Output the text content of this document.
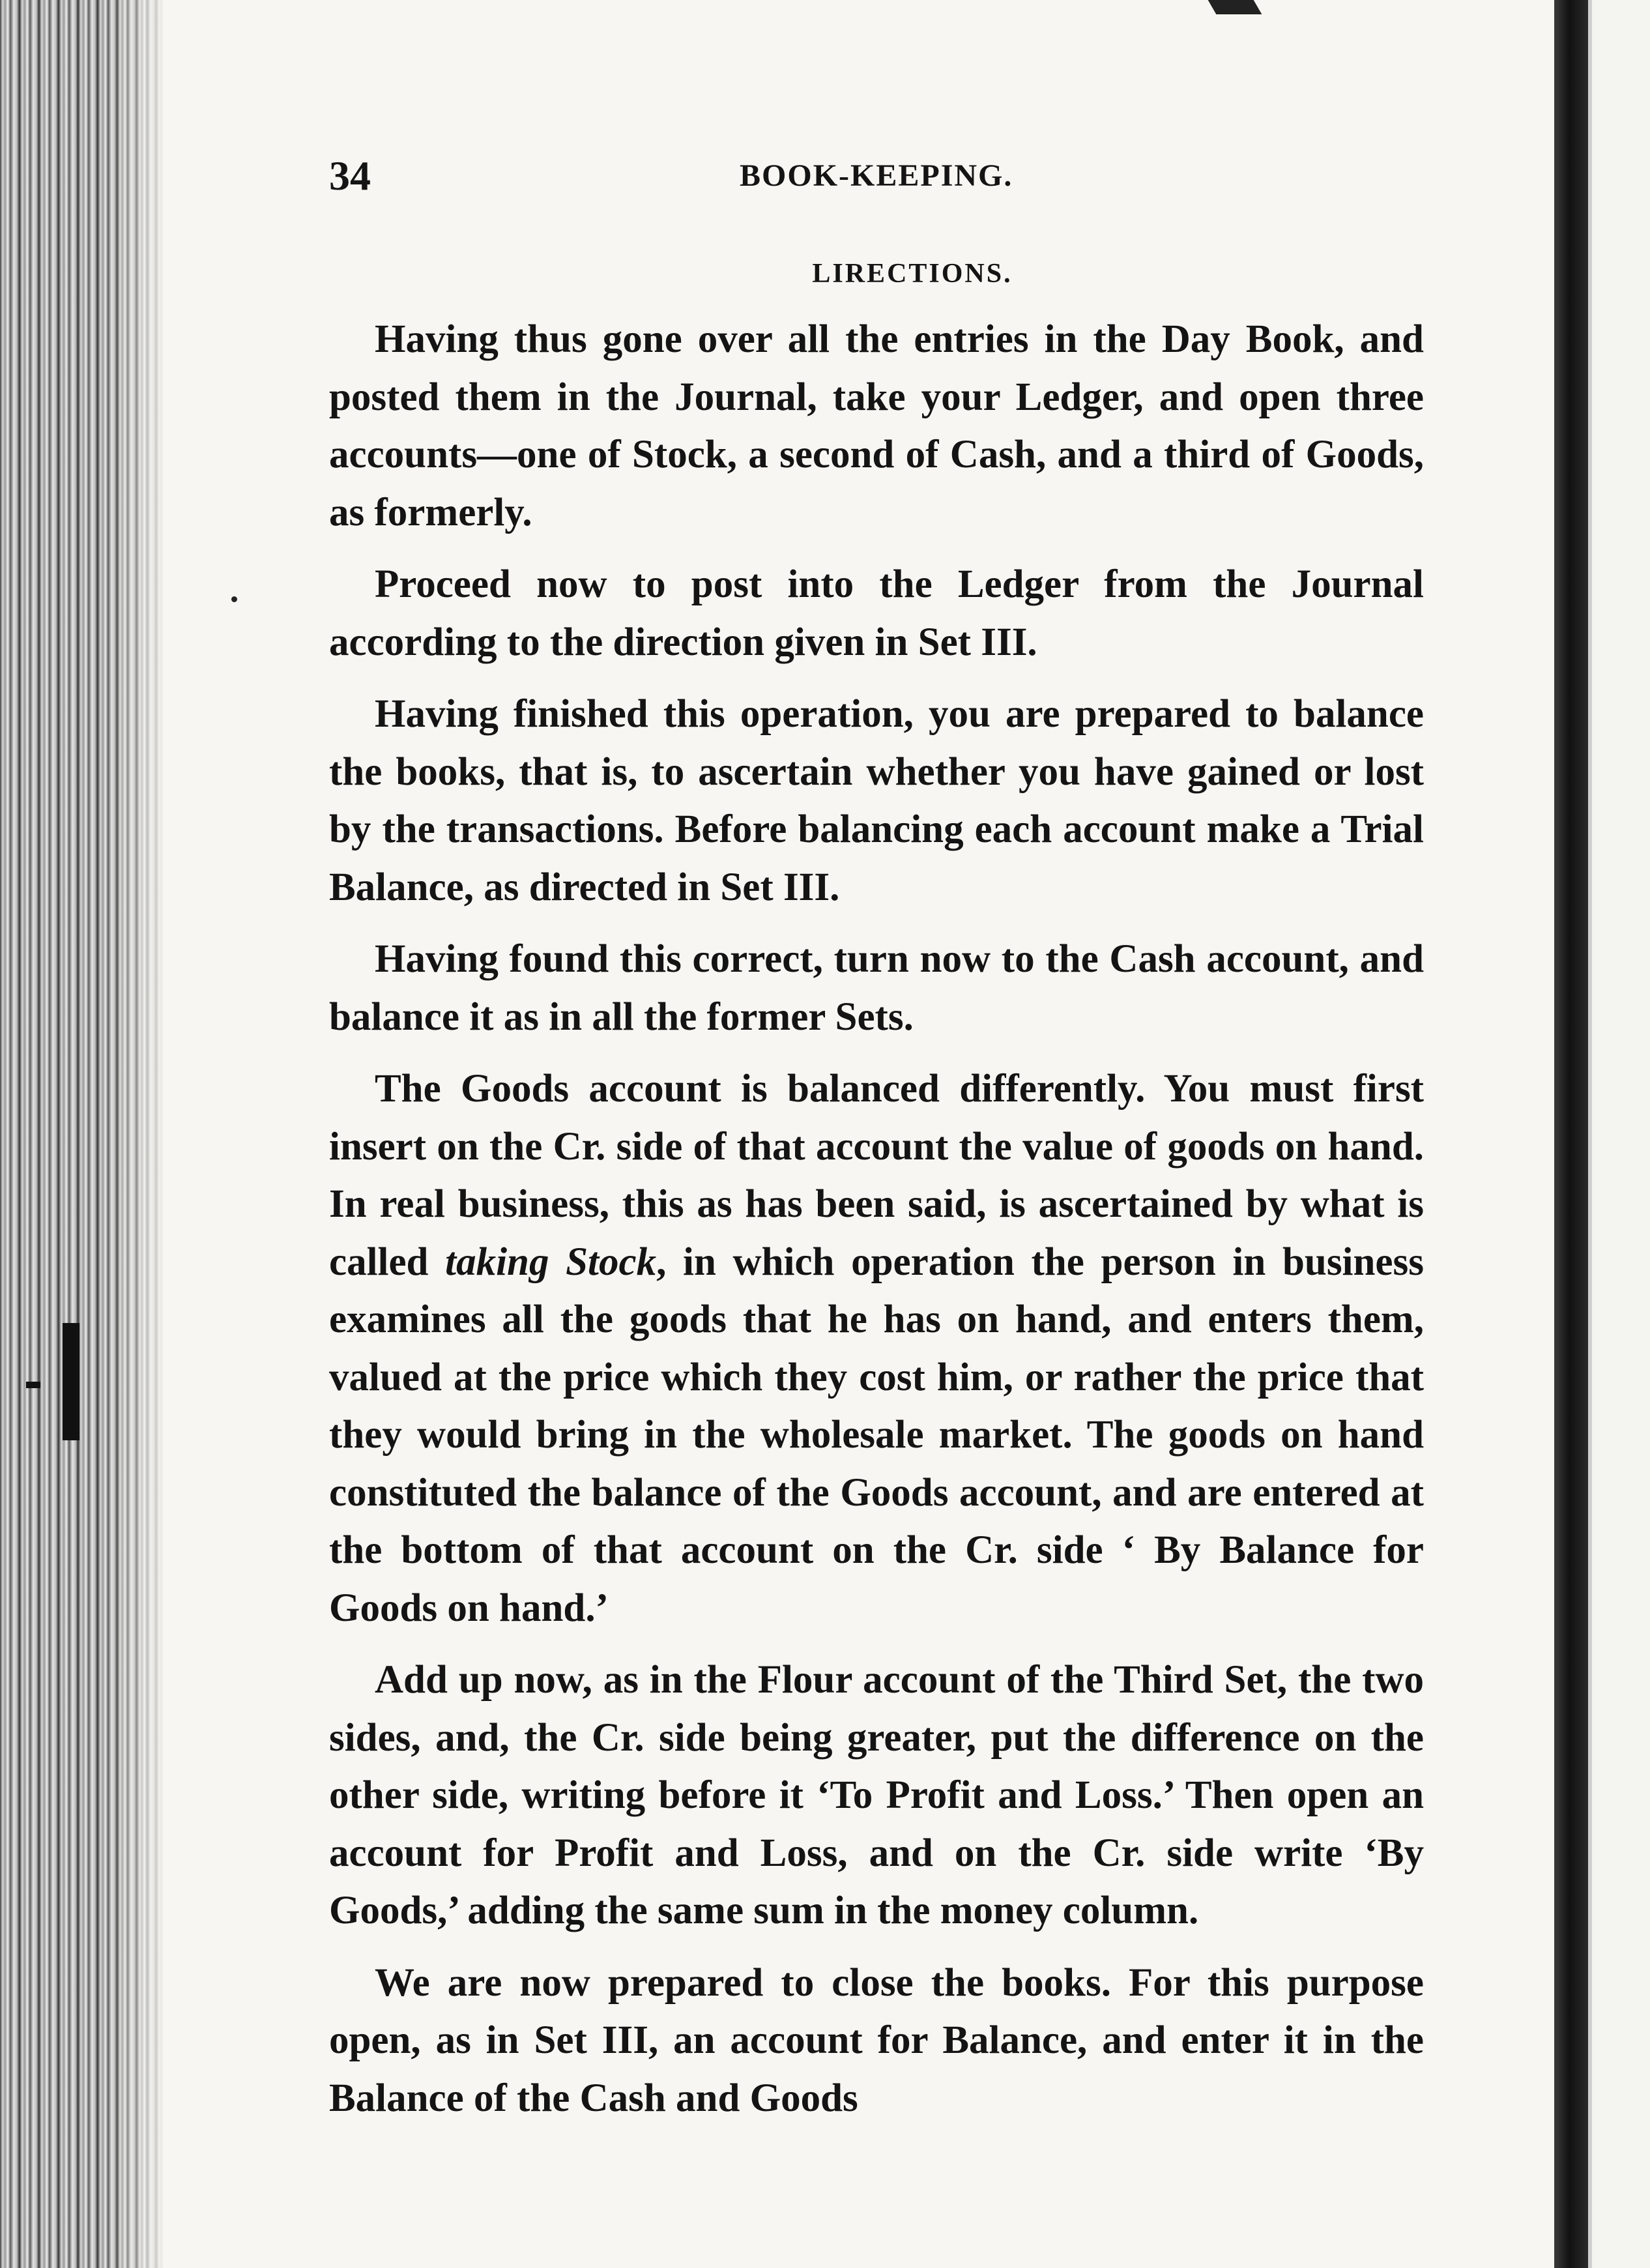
34	BOOK-KEEPING.
LIRECTIONS.

Having thus gone over all the entries in the Day Book, and posted them in the Journal, take your Ledger, and open three accounts—one of Stock, a second of Cash, and a third of Goods, as formerly.

Proceed now to post into the Ledger from the Journal according to the direction given in Set III.

Having finished this operation, you are prepared to balance the books, that is, to ascertain whether you have gained or lost by the transactions. Before balancing each account make a Trial Balance, as directed in Set III.

Having found this correct, turn now to the Cash account, and balance it as in all the former Sets.

The Goods account is balanced differently. You must first insert on the Cr. side of that account the value of goods on hand. In real business, this as has been said, is ascertained by what is called taking Stock, in which operation the person in business examines all the goods that he has on hand, and enters them, valued at the price which they cost him, or rather the price that they would bring in the wholesale market. The goods on hand constituted the balance of the Goods account, and are entered at the bottom of that account on the Cr. side ‘ By Balance for Goods on hand.’

Add up now, as in the Flour account of the Third Set, the two sides, and, the Cr. side being greater, put the difference on the other side, writing before it ‘To Profit and Loss.’ Then open an account for Profit and Loss, and on the Cr. side write ‘By Goods,’ adding the same sum in the money column.

We are now prepared to close the books. For this purpose open, as in Set III, an account for Balance, and enter it in the Balance of the Cash and Goods
